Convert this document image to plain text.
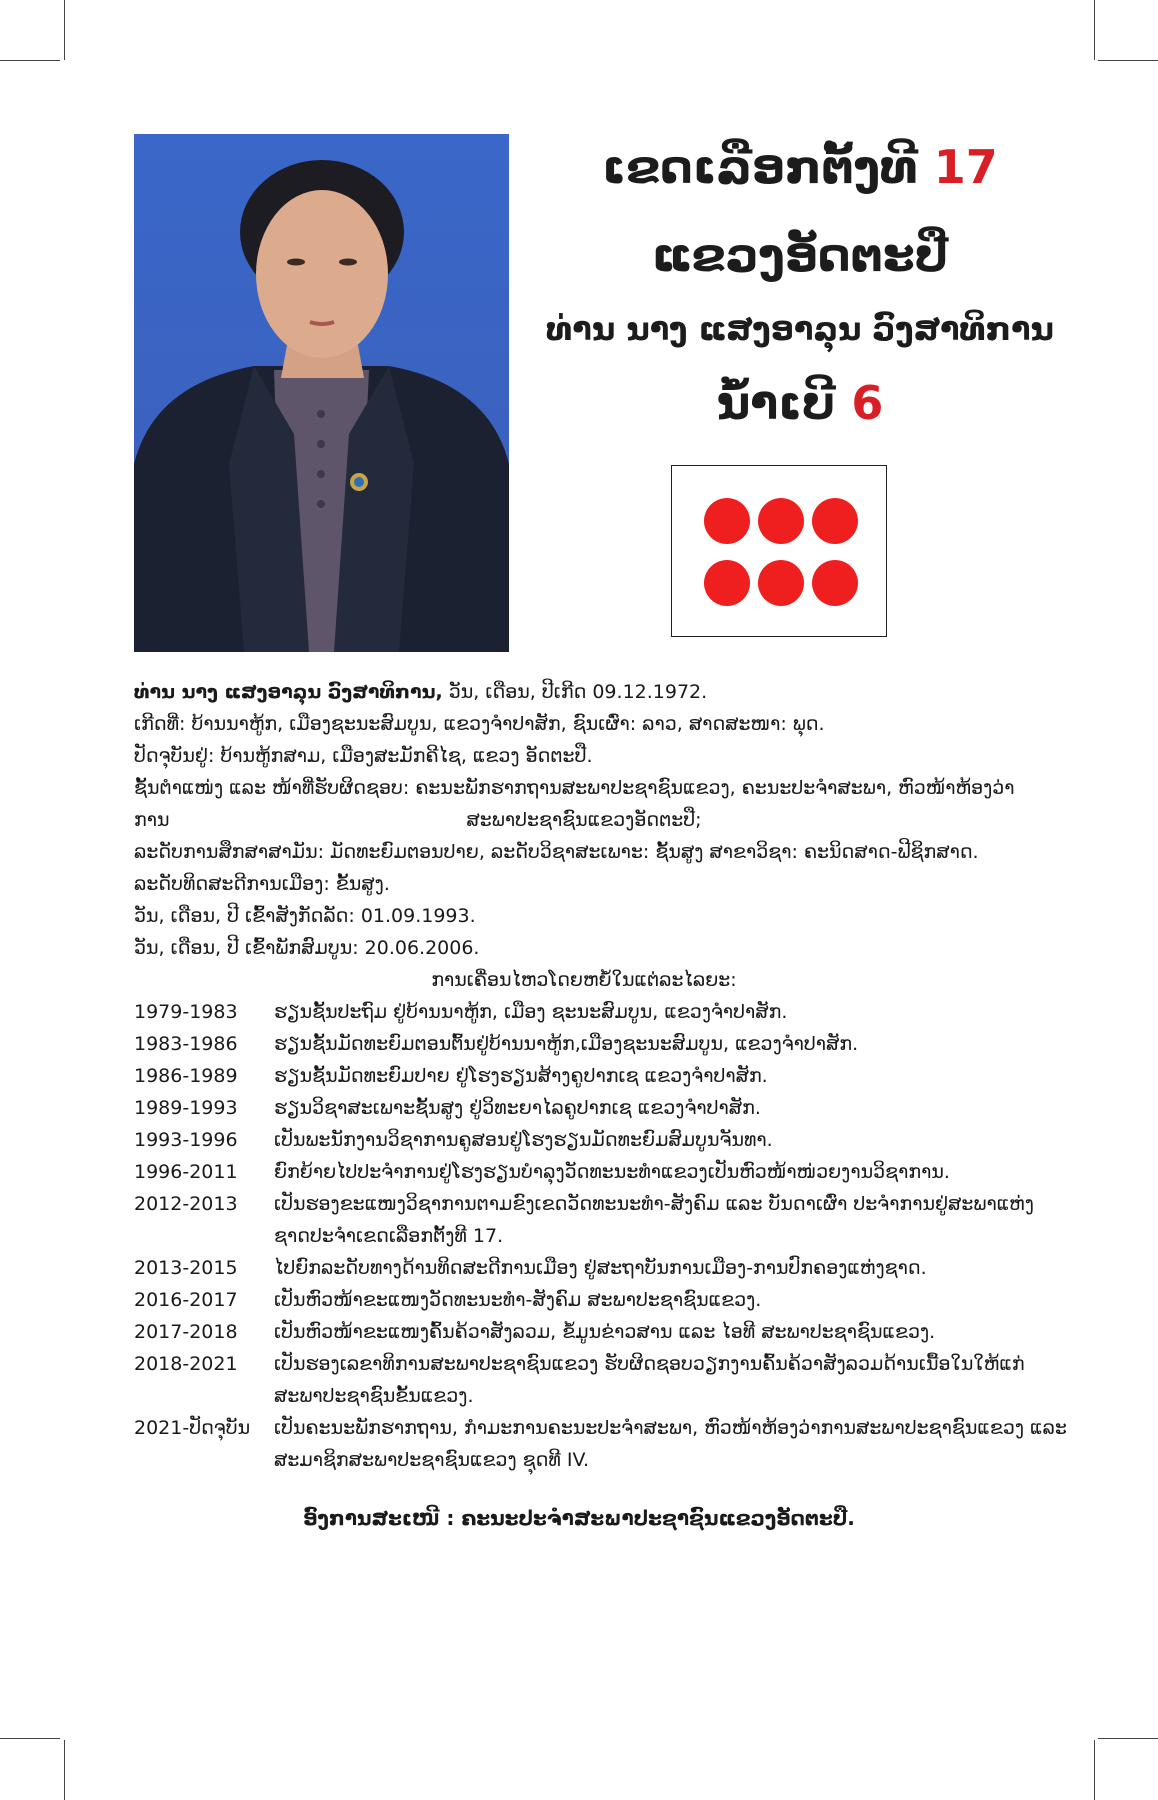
ເຂດເລືອກຕັ້ງທີ 17
ແຂວງອັດຕະປື
ທ່ານ ນາງ ແສງອາລຸນ ວົງສາທິການ
ນ້ຳເບີ 6
ທ່ານ ນາງ ແສງອາລຸນ ວົງສາທິການ, ວັນ, ເດືອນ, ປີເກີດ 09.12.1972.
ເກີດທີ່: ບ້ານນາຫູ້ກ, ເມືອງຊະນະສົມບູນ, ແຂວງຈຳປາສັກ, ຊົນເຜົ່າ: ລາວ, ສາດສະໜາ: ພຸດ.
ປັດຈຸບັນຢູ່: ບ້ານຫູ້ກສາມ, ເມືອງສະມັກຄີໄຊ, ແຂວງ ອັດຕະປື.
ຊັ້ນຕຳແໜ່ງ ແລະ ໜ້າທີ່ຮັບຜິດຊອບ: ຄະນະພັກຮາກຖານສະພາປະຊາຊົນແຂວງ, ຄະນະປະຈຳສະພາ, ຫົວໜ້າຫ້ອງວ່າການ	ສະພາປະຊາຊົນແຂວງອັດຕະປື;
ລະດັບການສຶກສາສາມັນ: ມັດທະຍົມຕອນປາຍ, ລະດັບວິຊາສະເພາະ: ຊັ້ນສູງ ສາຂາວິຊາ: ຄະນິດສາດ-ຟີຊິກສາດ.
ລະດັບທິດສະດີການເມືອງ: ຂັ້ນສູງ.
ວັນ, ເດືອນ, ປີ ເຂົ້າສັງກັດລັດ: 01.09.1993.
ວັນ, ເດືອນ, ປີ ເຂົ້າພັກສົມບູນ: 20.06.2006.
ການເຄື່ອນໄຫວໂດຍຫຍໍ້ໃນແຕ່ລະໄລຍະ:
1979-1983	ຮຽນຊັ້ນປະຖົມ ຢູ່ບ້ານນາຫູ້ກ, ເມືອງ ຊະນະສົມບູນ, ແຂວງຈຳປາສັກ.
1983-1986	ຮຽນຊັ້ນມັດທະຍົມຕອນຕົ້ນຢູ່ບ້ານນາຫູ້ກ,ເມືອງຊະນະສົມບູນ, ແຂວງຈຳປາສັກ.
1986-1989	ຮຽນຊັ້ນມັດທະຍົມປາຍ ຢູ່ໂຮງຮຽນສ້າງຄູປາກເຊ ແຂວງຈຳປາສັກ.
1989-1993	ຮຽນວິຊາສະເພາະຊັ້ນສູງ ຢູ່ວິທະຍາໄລຄູປາກເຊ ແຂວງຈຳປາສັກ.
1993-1996	ເປັນພະນັກງານວິຊາການຄູສອນຢູ່ໂຮງຮຽນມັດທະຍົມສົມບູນຈັນທາ.
1996-2011	ຍົກຍ້າຍໄປປະຈຳການຢູ່ໂຮງຮຽນບຳລຸງວັດທະນະທຳແຂວງເປັນຫົວໜ້າໜ່ວຍງານວິຊາການ.
2012-2013	ເປັນຮອງຂະແໜງວິຊາການຕາມຂົງເຂດວັດທະນະທຳ-ສັງຄົມ ແລະ ບັນດາເຜົ່າ ປະຈຳການຢູ່ສະພາແຫ່ງ
ຊາດປະຈຳເຂດເລືອກຕັ້ງທີ 17.
2013-2015	ໄປຍົກລະດັບທາງດ້ານທິດສະດີການເມືອງ ຢູ່ສະຖາບັນການເມືອງ-ການປົກຄອງແຫ່ງຊາດ.
2016-2017	ເປັນຫົວໜ້າຂະແໜງວັດທະນະທຳ-ສັງຄົມ ສະພາປະຊາຊົນແຂວງ.
2017-2018	ເປັນຫົວໜ້າຂະແໜງຄົ້ນຄ້ວາສັງລວມ, ຂໍ້ມູນຂ່າວສານ ແລະ ໄອທີ ສະພາປະຊາຊົນແຂວງ.
2018-2021	ເປັນຮອງເລຂາທິການສະພາປະຊາຊົນແຂວງ ຮັບຜິດຊອບວຽກງານຄົ້ນຄ້ວາສັງລວມດ້ານເນື້ອໃນໃຫ້ແກ່
ສະພາປະຊາຊົນຂັ້ນແຂວງ.
2021-ປັດຈຸບັນ	ເປັນຄະນະພັກຮາກຖານ, ກຳມະການຄະນະປະຈຳສະພາ, ຫົວໜ້າຫ້ອງວ່າການສະພາປະຊາຊົນແຂວງ ແລະ
ສະມາຊິກສະພາປະຊາຊົນແຂວງ ຊຸດທີ IV.
ອົງການສະເໜີ : ຄະນະປະຈຳສະພາປະຊາຊົນແຂວງອັດຕະປື.
